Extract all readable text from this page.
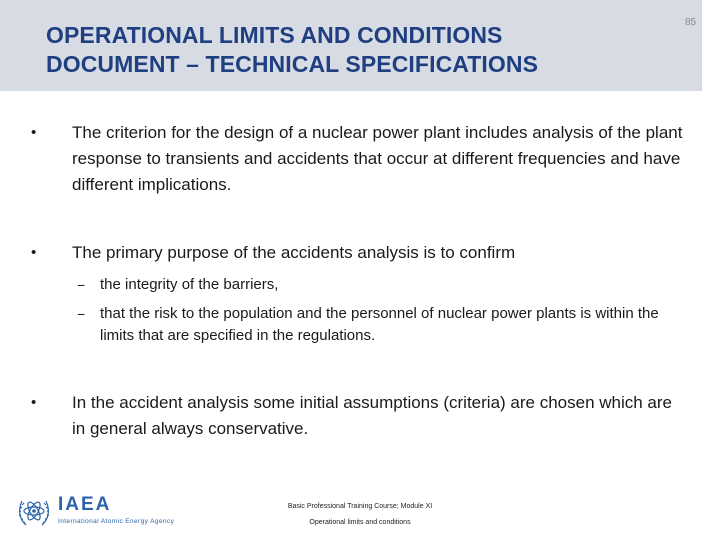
OPERATIONAL LIMITS AND CONDITIONS
DOCUMENT – TECHNICAL SPECIFICATIONS
85
• The criterion for the design of a nuclear power plant includes analysis of the plant response to transients and accidents that occur at different frequencies and have different implications.
• The primary purpose of the accidents analysis is to confirm
− the integrity of the barriers,
− that the risk to the population and the personnel of nuclear power plants is within the limits that are specified in the regulations.
• In the accident analysis some initial assumptions (criteria) are chosen which are in general always conservative.
IAEA
International Atomic Energy Agency
Basic Professional Training Course; Module XI
Operational limits and conditions
